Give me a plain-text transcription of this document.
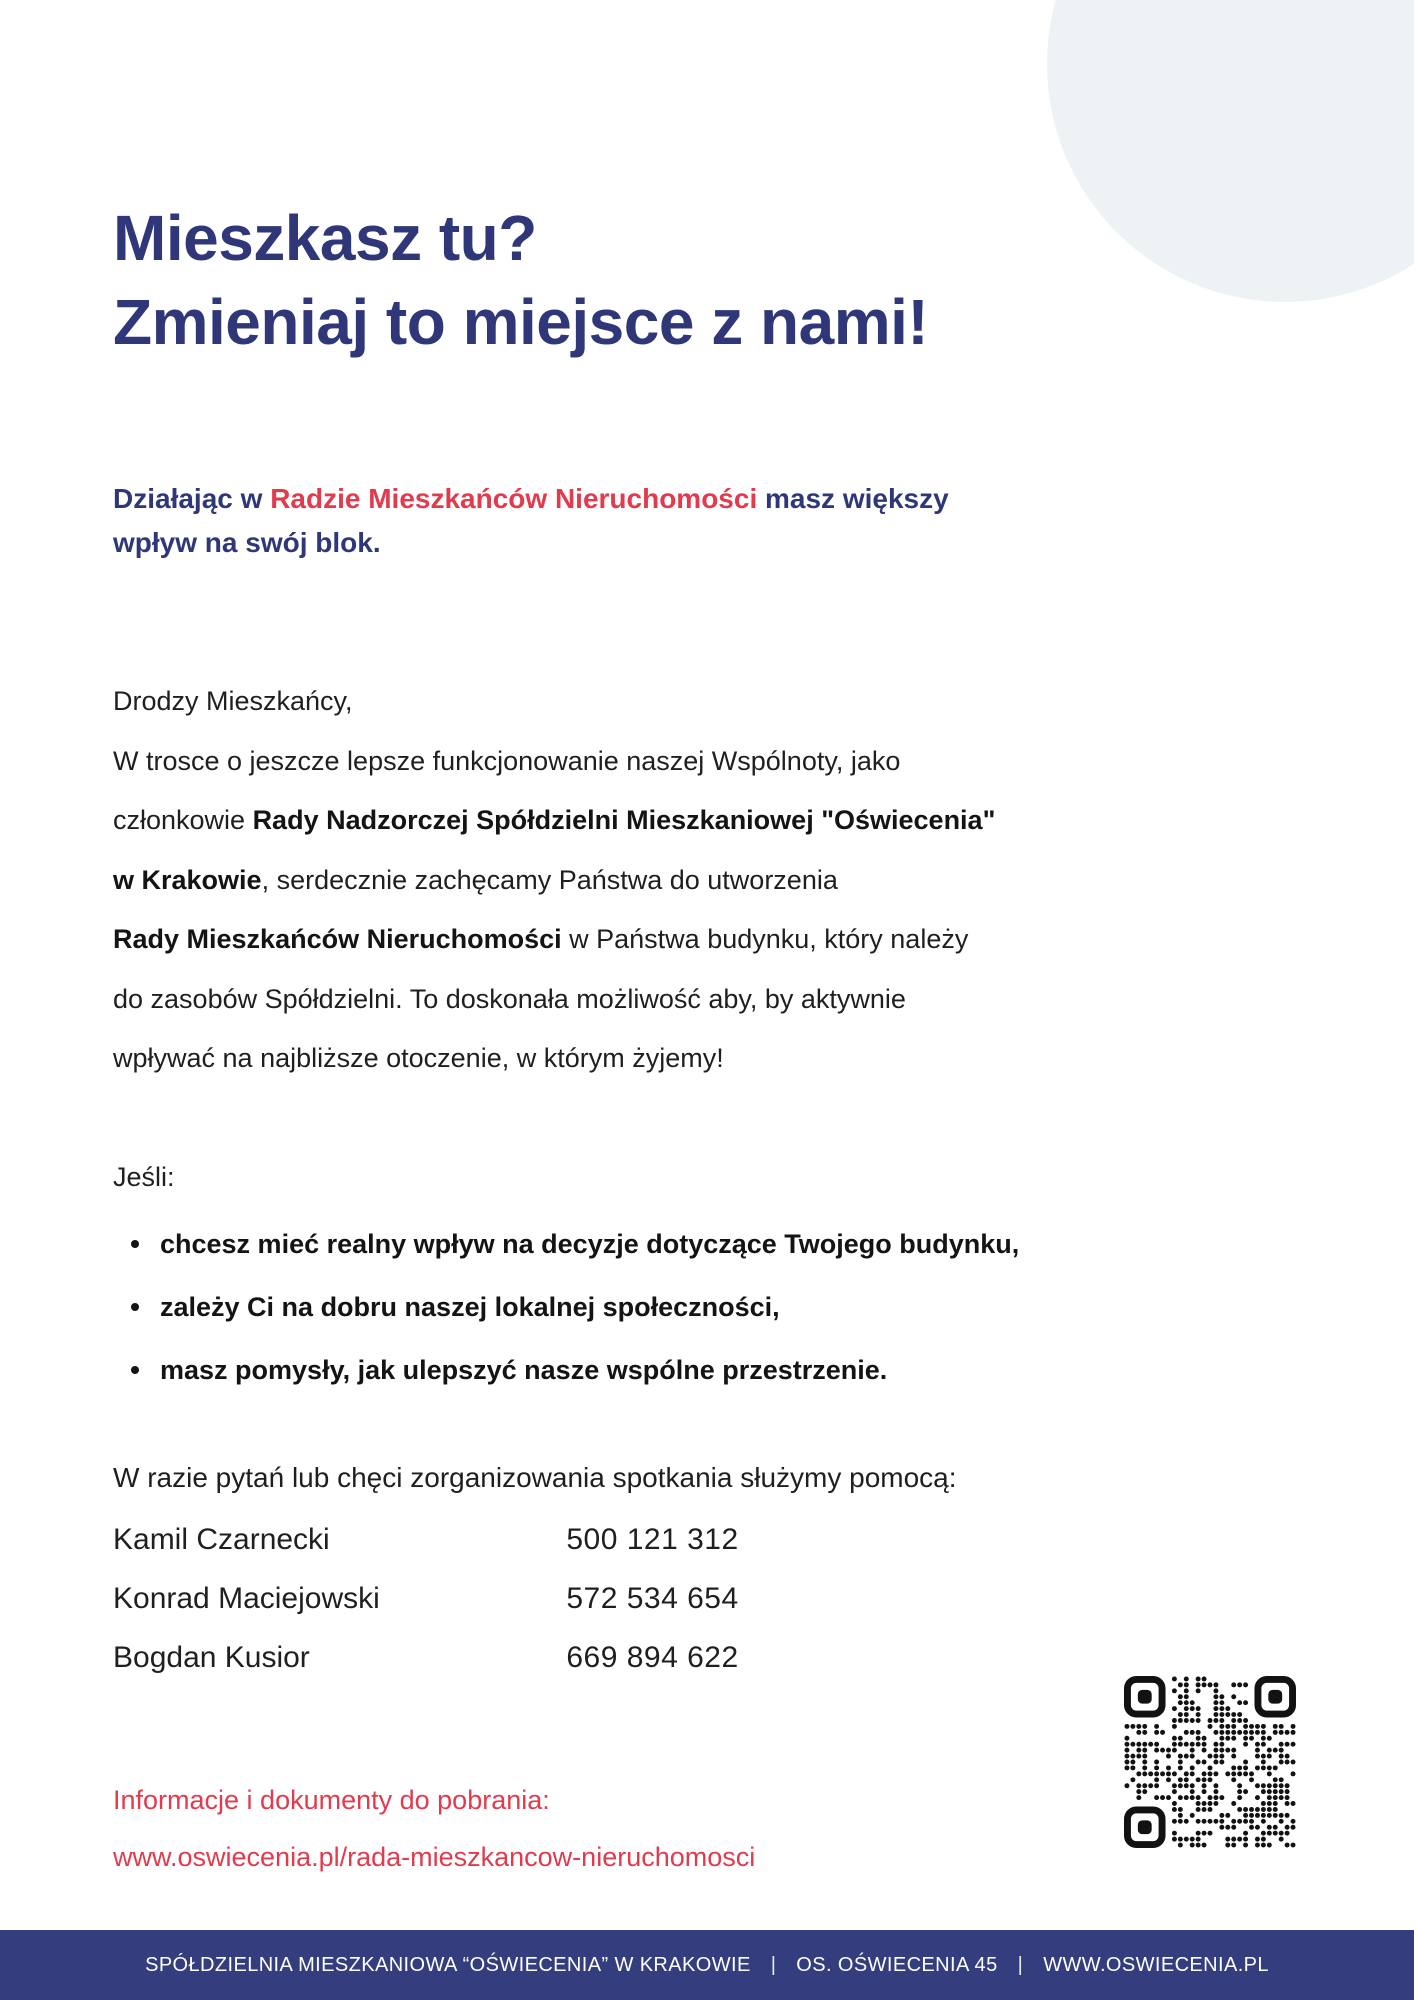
Mieszkasz tu?
Zmieniaj to miejsce z nami!

Działając w Radzie Mieszkańców Nieruchomości masz większy
wpływ na swój blok.

Drodzy Mieszkańcy,
W trosce o jeszcze lepsze funkcjonowanie naszej Wspólnoty, jako
członkowie Rady Nadzorczej Spółdzielni Mieszkaniowej "Oświecenia"
w Krakowie, serdecznie zachęcamy Państwa do utworzenia
Rady Mieszkańców Nieruchomości w Państwa budynku, który należy
do zasobów Spółdzielni. To doskonała możliwość aby, by aktywnie
wpływać na najbliższe otoczenie, w którym żyjemy!

Jeśli:

chcesz mieć realny wpływ na decyzje dotyczące Twojego budynku,
zależy Ci na dobru naszej lokalnej społeczności,
masz pomysły, jak ulepszyć nasze wspólne przestrzenie.

W razie pytań lub chęci zorganizowania spotkania służymy pomocą:

Kamil Czarnecki	500 121 312
Konrad Maciejowski	572 534 654
Bogdan Kusior	669 894 622

Informacje i dokumenty do pobrania:
www.oswiecenia.pl/rada-mieszkancow-nieruchomosci

SPÓŁDZIELNIA MIESZKANIOWA “OŚWIECENIA” W KRAKOWIE | OS. OŚWIECENIA 45 | WWW.OSWIECENIA.PL
